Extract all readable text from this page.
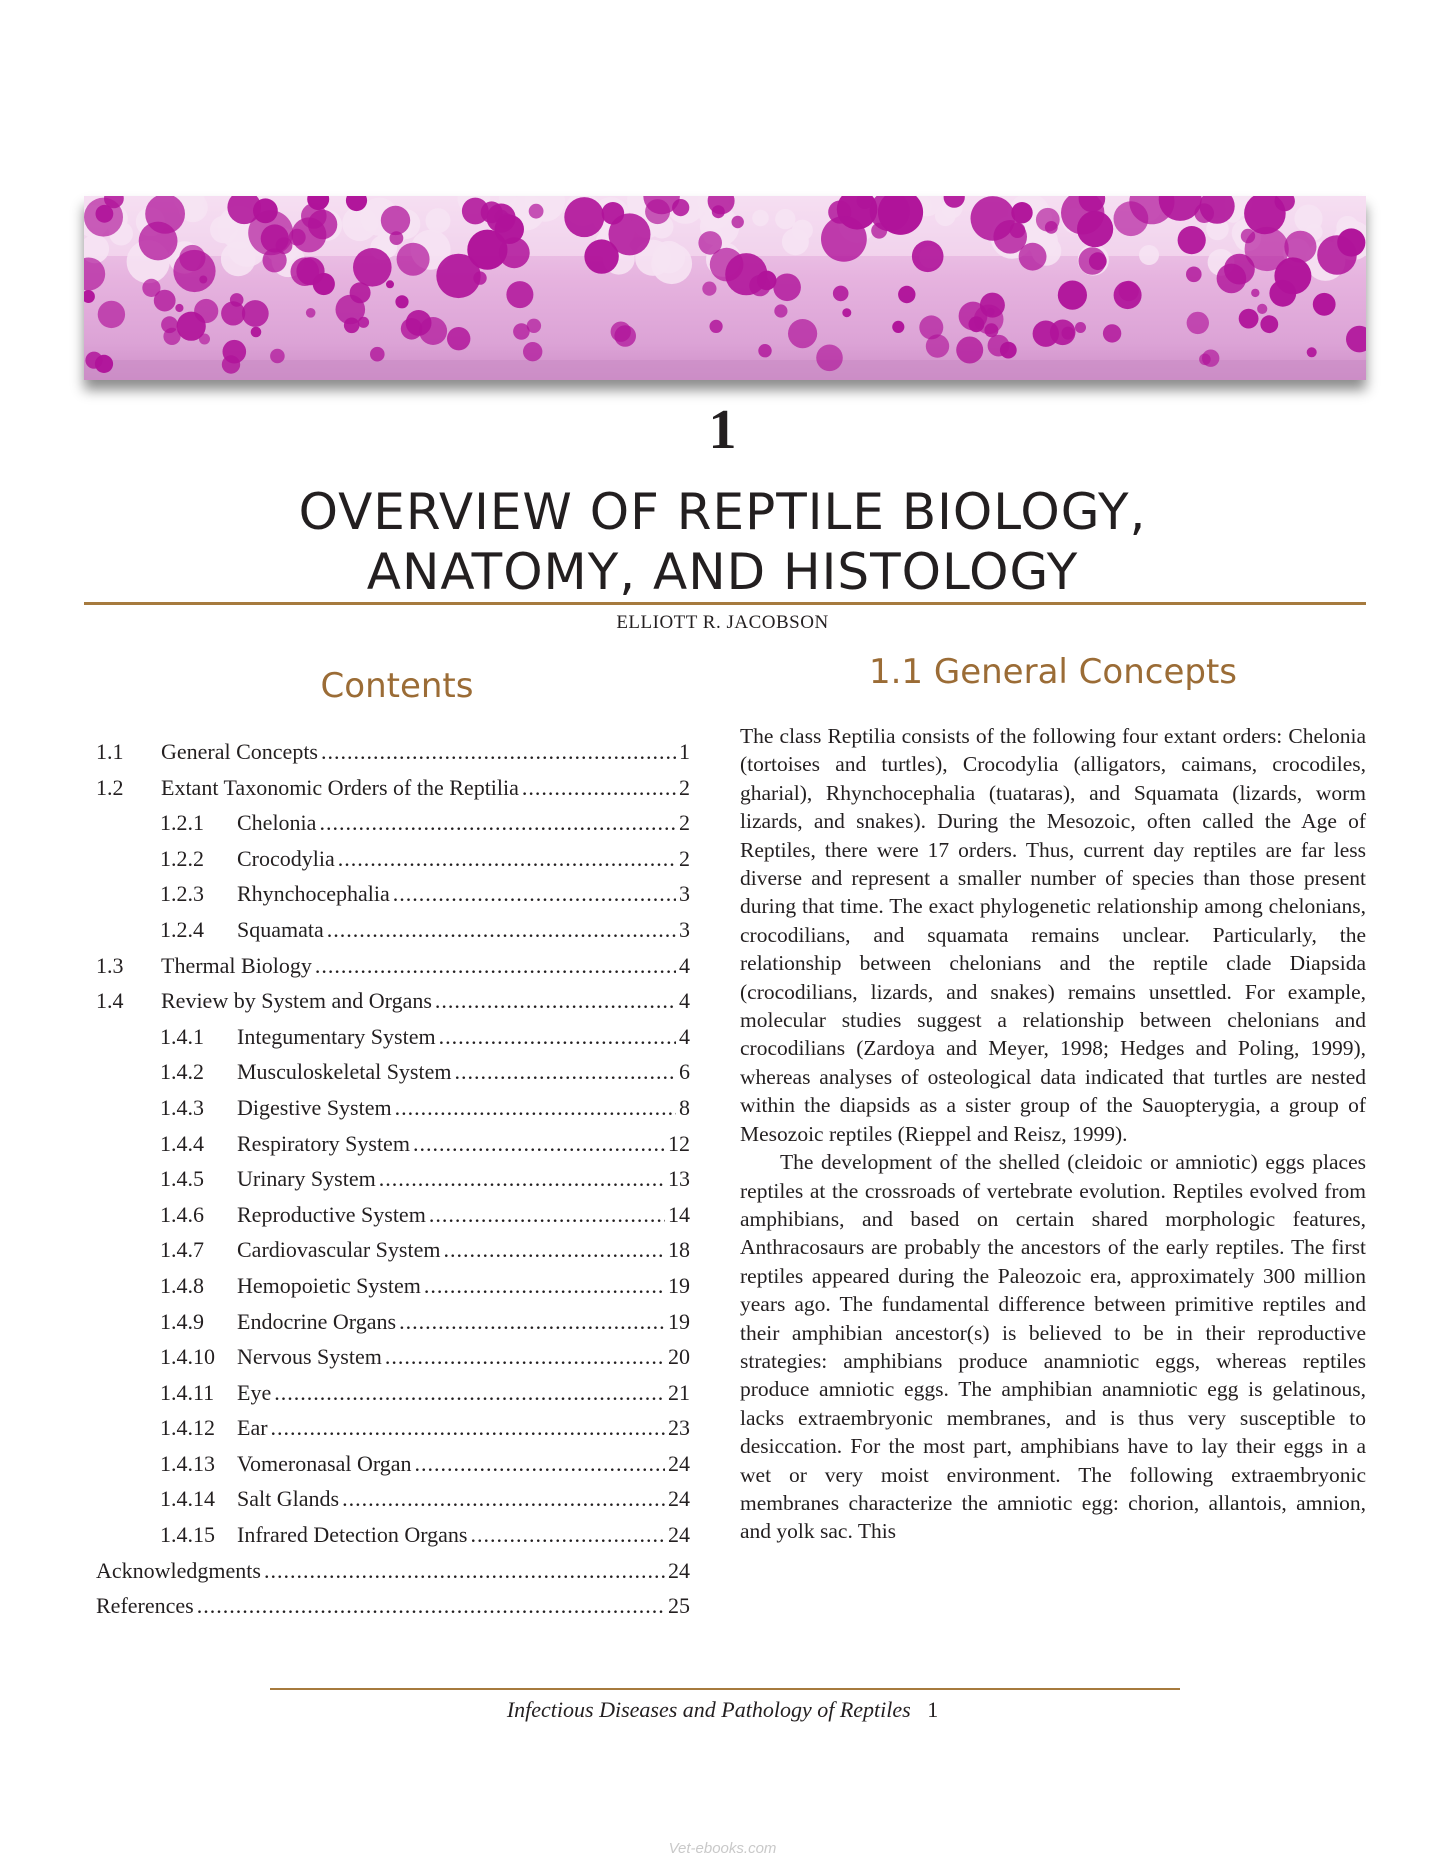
1
OVERVIEW OF REPTILE BIOLOGY,
ANATOMY, AND HISTOLOGY
ELLIOTT R. JACOBSON
Contents
1.1	General Concepts .....	1
1.2	Extant Taxonomic Orders of the Reptilia .....	2
1.2.1	Chelonia .....	2
1.2.2	Crocodylia .....	2
1.2.3	Rhynchocephalia .....	3
1.2.4	Squamata .....	3
1.3	Thermal Biology .....	4
1.4	Review by System and Organs .....	4
1.4.1	Integumentary System .....	4
1.4.2	Musculoskeletal System .....	6
1.4.3	Digestive System .....	8
1.4.4	Respiratory System .....	12
1.4.5	Urinary System .....	13
1.4.6	Reproductive System .....	14
1.4.7	Cardiovascular System .....	18
1.4.8	Hemopoietic System .....	19
1.4.9	Endocrine Organs .....	19
1.4.10	Nervous System .....	20
1.4.11	Eye .....	21
1.4.12	Ear .....	23
1.4.13	Vomeronasal Organ .....	24
1.4.14	Salt Glands .....	24
1.4.15	Infrared Detection Organs .....	24
Acknowledgments .....	24
References .....	25
1.1 General Concepts

The class Reptilia consists of the following four extant orders: Chelonia (tortoises and turtles), Crocodylia (alligators, caimans, crocodiles, gharial), Rhynchocephalia (tuataras), and Squamata (lizards, worm lizards, and snakes). During the Mesozoic, often called the Age of Reptiles, there were 17 orders. Thus, current day reptiles are far less diverse and represent a smaller number of species than those present during that time. The exact phylogenetic relationship among chelonians, crocodilians, and squamata remains unclear. Particularly, the relationship between chelonians and the reptile clade Diapsida (crocodilians, lizards, and snakes) remains unsettled. For example, molecular studies suggest a relationship between chelonians and crocodilians (Zardoya and Meyer, 1998; Hedges and Poling, 1999), whereas analyses of osteological data indicated that turtles are nested within the diapsids as a sister group of the Sauopterygia, a group of Mesozoic reptiles (Rieppel and Reisz, 1999).

The development of the shelled (cleidoic or amniotic) eggs places reptiles at the crossroads of vertebrate evolution. Reptiles evolved from amphibians, and based on certain shared morphologic features, Anthracosaurs are probably the ancestors of the early reptiles. The first reptiles appeared during the Paleozoic era, approximately 300 million years ago. The fundamental difference between primitive reptiles and their amphibian ancestor(s) is believed to be in their reproductive strategies: amphibians produce anamniotic eggs, whereas reptiles produce amniotic eggs. The amphibian anamniotic egg is gelatinous, lacks extraembryonic membranes, and is thus very susceptible to desiccation. For the most part, amphibians have to lay their eggs in a wet or very moist environment. The following extraembryonic membranes characterize the amniotic egg: chorion, allantois, amnion, and yolk sac. This

Infectious Diseases and Pathology of Reptiles 1
Vet-ebooks.com
